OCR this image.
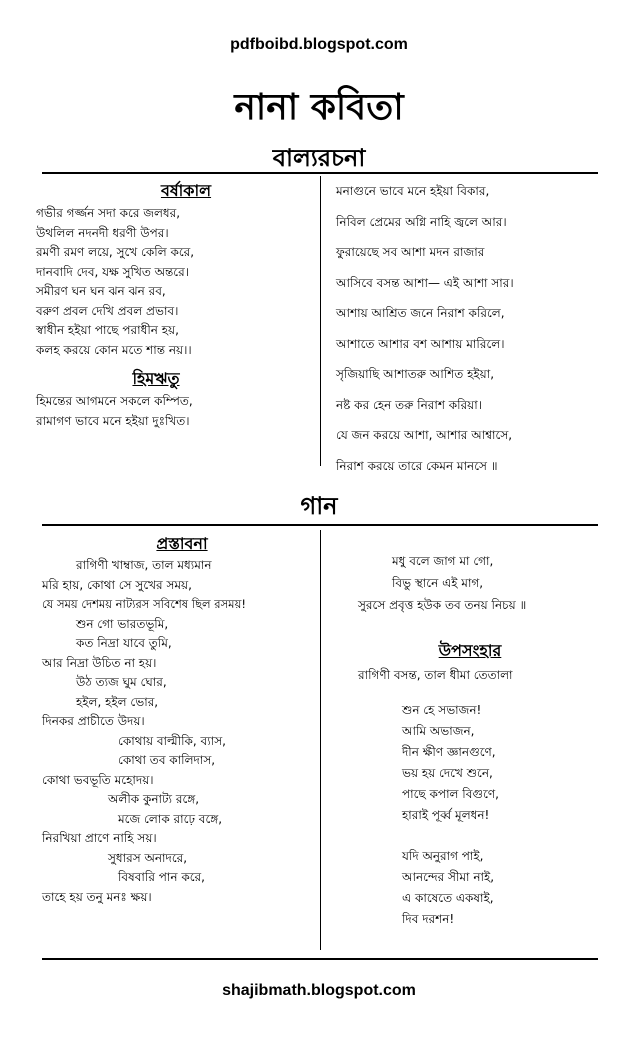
pdfboibd.blogspot.com
নানা কবিতা
বাল্যরচনা
বর্ষাকাল
গভীর গর্জ্জন সদা করে জলধর,
উথলিল নদনদী ধরণী উপর।
রমণী রমণ লয়ে, সুখে কেলি করে,
দানবাদি দেব, যক্ষ সুখিত অন্তরে।
সমীরণ ঘন ঘন ঝন ঝন রব,
বরুণ প্রবল দেখি প্রবল প্রভাব।
স্বাধীন হইয়া পাছে পরাধীন হয়,
কলহ করয়ে কোন মতে শান্ত নয়।।
হিমঋতু
হিমন্তের আগমনে সকলে কম্পিত,
রামাগণ ভাবে মনে হইয়া দুঃখিত।
মনাগুনে ভাবে মনে হইয়া বিকার,
নিবিল প্রেমের অগ্নি নাহি জ্বলে আর।
ফুরায়েছে সব আশা মদন রাজার
আসিবে বসন্ত আশা— এই আশা সার।
আশায় আশ্রিত জনে নিরাশ করিলে,
আশাতে আশার বশ আশায় মারিলে।
সৃজিয়াছি আশাতরু আশিত হইয়া,
নষ্ট কর হেন তরু নিরাশ করিয়া।
যে জন করয়ে আশা, আশার আশ্বাসে,
নিরাশ করয়ে তারে কেমন মানসে ॥
গান
প্রস্তাবনা
রাগিণী খাম্বাজ, তাল মধ্যমান
মরি হায়, কোথা সে সুখের সময়,
যে সময় দেশময় নাট্যরস সবিশেষ ছিল রসময়!
শুন গো ভারতভূমি,
কত নিদ্রা যাবে তুমি,
আর নিদ্রা উচিত না হয়।
উঠ ত্যজ ঘুম ঘোর,
হইল, হইল ভোর,
দিনকর প্রাচীতে উদয়।
কোথায় বাল্মীকি, ব্যাস,
কোথা তব কালিদাস,
কোথা ভবভূতি মহোদয়।
অলীক কুনাট্য রঙ্গে,
মজে লোক রাঢ়ে বঙ্গে,
নিরখিয়া প্রাণে নাহি সয়।
সুধারস অনাদরে,
বিষবারি পান করে,
তাহে হয় তনু মনঃ ক্ষয়।
মধু বলে জাগ মা গো,
বিভু স্থানে এই মাগ,
সুরসে প্রবৃত্ত হউক তব তনয় নিচয় ॥
উপসংহার
রাগিণী বসন্ত, তাল ধীমা তেতালা
শুন হে সভাজন!
আমি অভাজন,
দীন ক্ষীণ জ্ঞানগুণে,
ভয় হয় দেখে শুনে,
পাছে কপাল বিগুণে,
হারাই পূর্ব্ব মূলধন!
যদি অনুরাগ পাই,
আনন্দের সীমা নাই,
এ কাষেতে একষাই,
দিব দরশন!
shajibmath.blogspot.com
